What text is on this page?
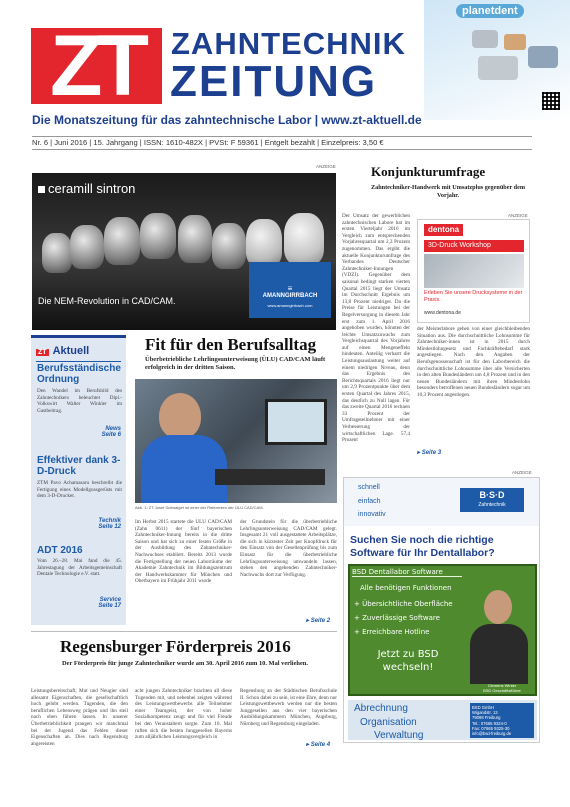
ZT ZAHNTECHNIK
ZEITUNG
Die Monatszeitung für das zahntechnische Labor | www.zt-aktuell.de
Nr. 6 | Juni 2016 | 15. Jahrgang | ISSN: 1610-482X | PVSt: F 59361 | Entgelt bezahlt | Einzelpreis: 3,50 €
planetdent
ANZEIGE
ceramill sintron
Die NEM-Revolution in CAD/CAM.
≡
AMANNGIRRBACH
www.amanngirrbach.com
ZT Aktuell
Berufsständische Ordnung
Den Wandel im Berufsbild des Zahntechnikers beleuchtet Dipl.-Volkswirt Walter Winkler im Gastbeitrag.
News
Seite 6
Effektiver dank 3-D-Druck
ZTM Pavo Achamasaru beschreibt die Fertigung eines Modellgussgerüsts mit dem 3-D-Drucker.
Technik
Seite 12
ADT 2016
Vom 26.–28. Mai fand die 45. Jahrestagung der Arbeitsgemeinschaft Dentale Technologie e.V. statt.
Service
Seite 17
Fit für den Berufsalltag
Überbetriebliche Lehrlingsunterweisung (ÜLU) CAD/CAM läuft erfolgreich in der dritten Saison.
Abb. 1: ZT Josef Schwaiger ist einer der Referenten der ÜLU CAD/CAM.
Im Herbst 2015 startete die ÜLU CAD/CAM (Zahn 0611) der fünf bayerischen Zahntechniker-Innung bereits in die dritte Saison und hat sich zu einer festen Größe in der Ausbildung des Zahntechniker-Nachwuchses etabliert. Bereits 2013 wurde die Fertigstellung der neuen Laborräume der Akademie Zahntechnik im Bildungszentrum der Handwerkskammer für München und Oberbayern im Frühjahr 2011 wurde
der Grundstein für die überbetriebliche Lehrlingsunterweisung CAD/CAM gelegt. Insgesamt 21 voll ausgestattete Arbeitsplätze, die sich in kürzester Zeit per Knopfdruck für den Einsatz von der Gesellenprüfung bis zum Einsatz für die überbetriebliche Lehrlingsunterweisung umwandeln lassen, stehen den angehenden Zahntechniker-Nachwuchs dort zur Verfügung.
▸ Seite 2
Konjunkturumfrage
Zahntechniker-Handwerk mit Umsatzplus gegenüber dem Vorjahr.
Der Umsatz der gewerblichen zahntechnischen Labore hat im ersten Vierteljahr 2016 im Vergleich zum entsprechenden Vorjahresquartal um 2,3 Prozent zugenommen. Das ergibt die aktuelle Konjunkturumfrage des Verbandes Deutscher Zahntechniker-Innungen (VDZI). Gegenüber dem saisonal bedingt starken vierten Quartal 2015 liegt der Umsatz im Durchschnitt Ergebnis um 13,8 Prozent niedriger. Da die Preise für Leistungen bei der Regelversorgung in diesem Jahr erst zum 1. April 2016 angehoben wurden, könnten der leichte Umsatzzuwachs zum Vergleichsquartal des Vorjahres auf einen Mengeneffekt hindeuten. Anteilig verharrt die Leistungsauslastung weiter auf einem niedrigen Niveau, denn das Ergebnis des Berichtsquartals 2016 liegt nur um 2,9 Prozentpunkte über dem ersten Quartal des Jahres 2015, das deutlich zu Null lagen. Für das zweite Quartal 2016 rechnen 33 Prozent der Umfrageteilnehmer mit einer Verbesserung der wirtschaftlichen Lage. 57,4 Prozent
der Meisterlabore gehen von einer gleichbleibenden Situation aus. Die durchschnittliche Lohnsumme für Zahntechniker-innen ist in 2015 durch Mindestlohngesetz und Fachkräftebedarf stark angestiegen. Nach den Angaben der Berufsgenossenschaft ist für den Laborbereich die durchschnittliche Lohnsumme über alle Versicherten in den alten Bundesländern um 4,8 Prozent und in den neuen Bundesländern mit ihren Mindestlohn besonders betroffenen neuen Bundesländern sogar um 10,3 Prozent angestiegen.
▸ Seite 3
ANZEIGE
dentona
3D-Druck Workshop
Erleben Sie unsere Drucksysteme in der Praxis.
www.dentona.de
ANZEIGE
schnell
einfach
innovativ
B·S·D
Zahntechnik
Suchen Sie noch die richtige Software für Ihr Dentallabor?
BSD Dentallabor Software
Alle benötigen Funktionen
+ Übersichtliche Oberfläche
+ Zuverlässige Software
+ Erreichbare Hotline
Jetzt zu BSD
wechseln!
Clemens Winter
BSD Geschäftsführer
Abrechnung
Organisation
Verwaltung
BSD GmbH
Wigandstr. 13
79098 Freiburg
Tel.: 07665 9324-0
Fax: 07665 9325-30
info@bsd-freiburg.de
Regensburger Förderpreis 2016
Der Förderpreis für junge Zahntechniker wurde am 30. April 2016 zum 10. Mal verliehen.
Leistungsbereitschaft, Mut und Neugier sind allesamt Eigenschaften, die gesellschaftlich hoch gelobt werden. Tugenden, die den beruflichen Lebensweg prägen und ihn steil nach oben führen lassen. In unserer Überbetrieblichkeit prangen wir manchmal bei der Jugend das Fehlen dieser Eigenschaften an. Dies nach Regensburg angereisten
acht jungen Zahntechniker brachten all diese Tugenden mit, und nebenbei zeigten während des Leistungswettbewerbs alle Teilnehmer einer Teamgeist, der von hoher Sozialkompetenz zeugt und für viel Freude bei den Veranstaltern sorgte. Zum 10. Mal ruften sich die besten Junggesellen Bayerns zum alljährlichen Leistungsvergleich in
Regensburg an der Städtischen Berufsschule II. Schon dabei zu sein, ist eine Ehre, denn nur Leistungswettbewerb werden nur die besten Junggesellen aus den vier bayerischen Ausbildungskammern München, Augsburg, Nürnberg und Regensburg eingeladen.
▸ Seite 4
